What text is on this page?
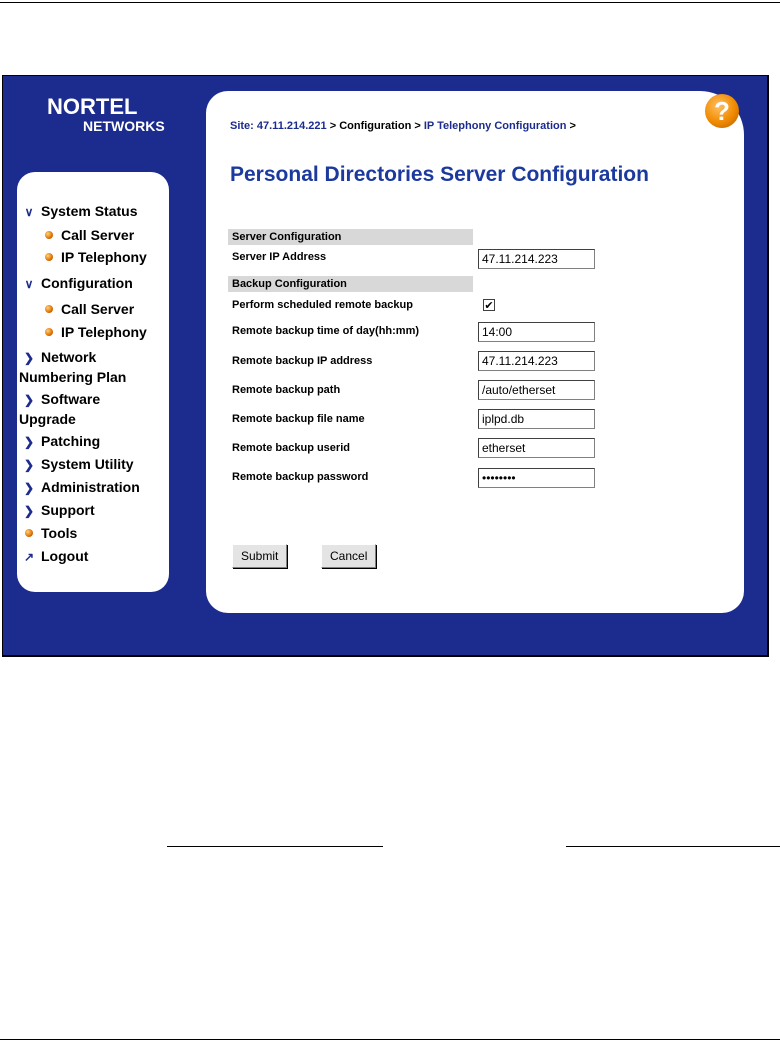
NORTEL
NETWORKS
∨ System Status
Call Server
IP Telephony
∨ Configuration
Call Server
IP Telephony
❯ Network
Numbering Plan
❯ Software
Upgrade
❯ Patching
❯ System Utility
❯ Administration
❯ Support
Tools
↗ Logout
Site: 47.11.214.221 > Configuration > IP Telephony Configuration >
Personal Directories Server Configuration
Server Configuration
Server IP Address
47.11.214.223
Backup Configuration
Perform scheduled remote backup	✔
Remote backup time of day(hh:mm)
14:00
Remote backup IP address
47.11.214.223
Remote backup path
/auto/etherset
Remote backup file name
iplpd.db
Remote backup userid
etherset
Remote backup password
Submit	Cancel
?
